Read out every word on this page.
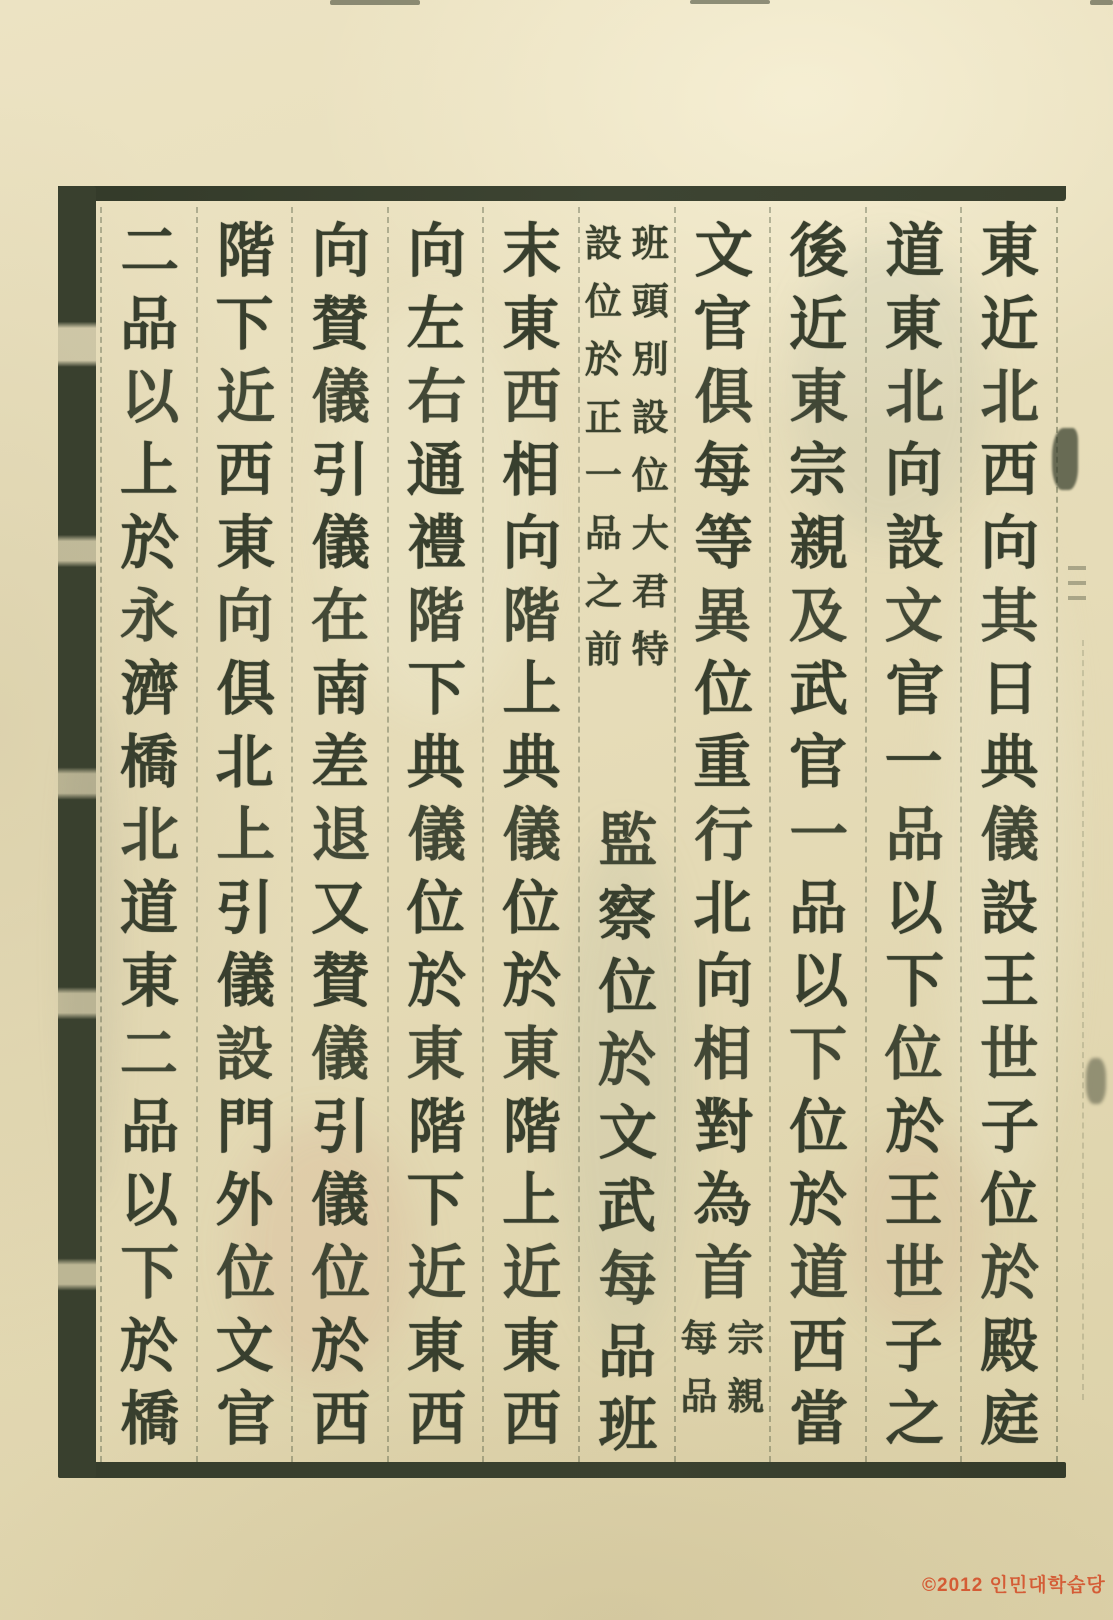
東
近
北
西
向
其
日
典
儀
設
王
世
子
位
於
殿
庭
道
東
北
向
設
文
官
一
品
以
下
位
於
王
世
子
之
後
近
東
宗
親
及
武
官
一
品
以
下
位
於
道
西
當
文
官
俱
每
等
異
位
重
行
北
向
相
對
為
首
宗
親
每
品
班
頭
別
設
位
大
君
特
設
位
於
正
一
品
之
前
監
察
位
於
文
武
每
品
班
末
東
西
相
向
階
上
典
儀
位
於
東
階
上
近
東
西
向
左
右
通
禮
階
下
典
儀
位
於
東
階
下
近
東
西
向
賛
儀
引
儀
在
南
差
退
又
賛
儀
引
儀
位
於
西
階
下
近
西
東
向
俱
北
上
引
儀
設
門
外
位
文
官
二
品
以
上
於
永
濟
橋
北
道
東
二
品
以
下
於
橋
©2012 인민대학습당
